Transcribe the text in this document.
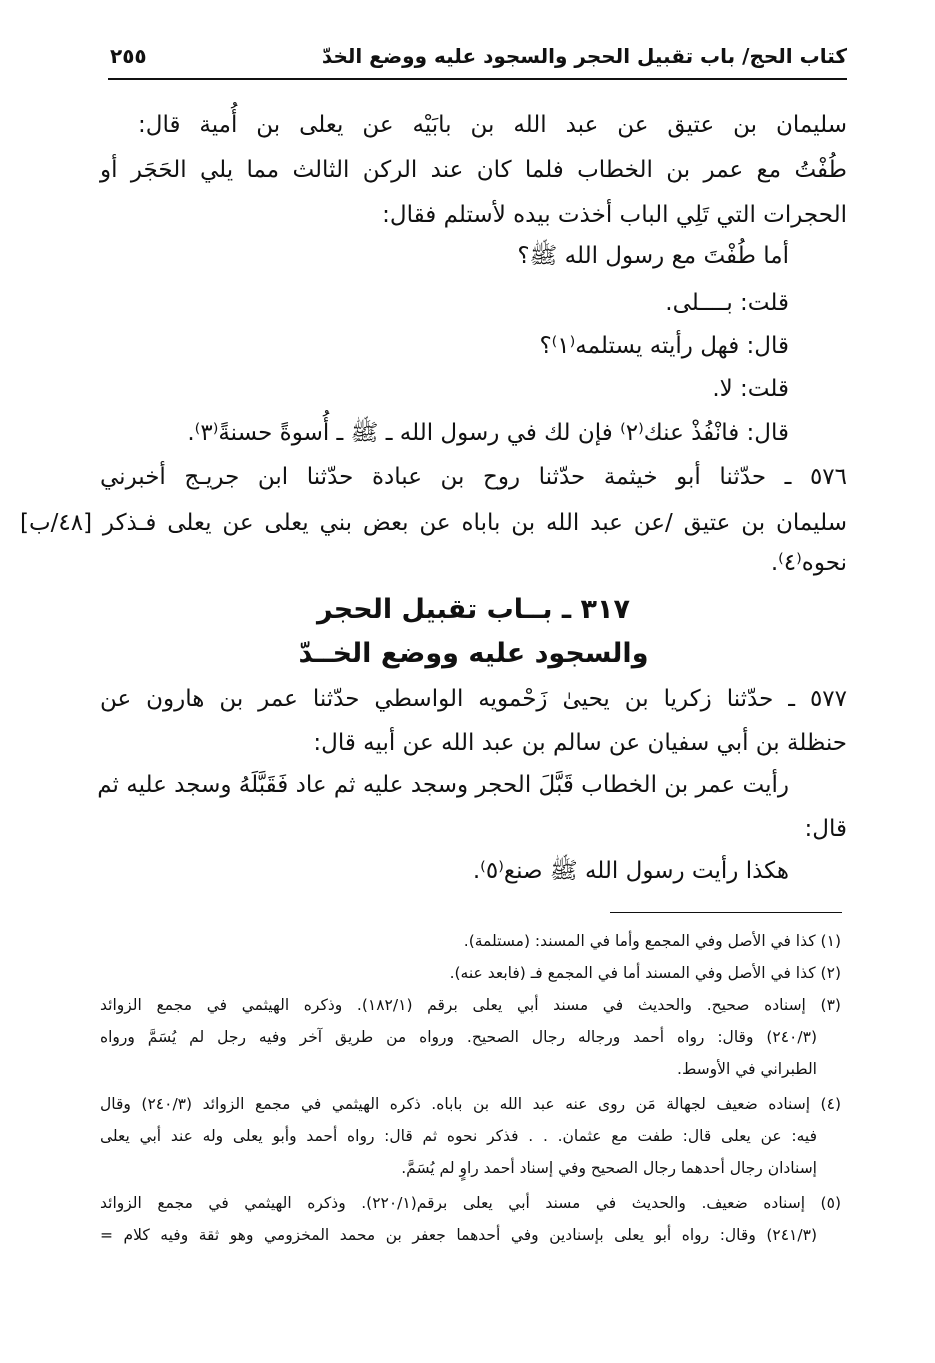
كتاب الحج/ باب تقبيل الحجر والسجود عليه ووضع الخدّ
٢٥٥
سليمان بن عتيق عن عبد الله بن بابَيْه عن يعلى بن أُمية قال:
طُفْتُ مع عمر بن الخطاب فلما كان عند الركن الثالث مما يلي الحَجَر أو
الحجرات التي تَلِي الباب أخذت بيده لأستلم فقال:
أما طُفْتَ مع رسول الله ﷺ؟
قلت: بــــلى.
قال: فهل رأيته يستلمه⁽١⁾؟
قلت: لا.
قال: فانْفُذْ عنك⁽٢⁾ فإن لك في رسول الله ـ ﷺ ـ أُسوةً حسنةً⁽٣⁾.
٥٧٦ ـ حدّثنا أبو خيثمة حدّثنا روح بن عبادة حدّثنا ابن جريـج أخبرني
سليمان بن عتيق /عن عبد الله بن باباه عن بعض بني يعلى عن يعلى فـذكر [٤٨/ب]
نحوه⁽٤⁾.
٣١٧ ـ بــاب تقبيل الحجر
والسجود عليه ووضع الخــدّ
٥٧٧ ـ حدّثنا زكريا بن يحيىٰ زَحْمويه الواسطي حدّثنا عمر بن هارون عن
حنظلة بن أبي سفيان عن سالم بن عبد الله عن أبيه قال:
رأيت عمر بن الخطاب قَبَّلَ الحجر وسجد عليه ثم عاد فَقَبَّلَهُ وسجد عليه ثم
قال:
هكذا رأيت رسول الله ﷺ صنع⁽٥⁾.
(١) كذا في الأصل وفي المجمع وأما في المسند: (مستلمة).
(٢) كذا في الأصل وفي المسند أما في المجمع فـ (فابعد عنه).
(٣) إسناده صحيح. والحديث في مسند أبي يعلى برقم (١٨٢/١). وذكره الهيثمي في مجمع الزوائد
(٢٤٠/٣) وقال: رواه أحمد ورجاله رجال الصحيح. ورواه من طريق آخر وفيه رجل لم يُسَمَّ ورواه
الطبراني في الأوسط.
(٤) إسناده ضعيف لجهالة مَن روى عنه عبد الله بن باباه. ذكره الهيثمي في مجمع الزوائد (٢٤٠/٣) وقال
فيه: عن يعلى قال: طفت مع عثمان. . . فذكر نحوه ثم قال: رواه أحمد وأبو يعلى وله عند أبي يعلى
إسنادان رجال أحدهما رجال الصحيح وفي إسناد أحمد راوٍ لم يُسَمَّ.
(٥) إسناده ضعيف. والحديث في مسند أبي يعلى برقم(٢٢٠/١). وذكره الهيثمي في مجمع الزوائد
(٢٤١/٣) وقال: رواه أبو يعلى بإسنادين وفي أحدهما جعفر بن محمد المخزومي وهو ثقة وفيه كلام =
